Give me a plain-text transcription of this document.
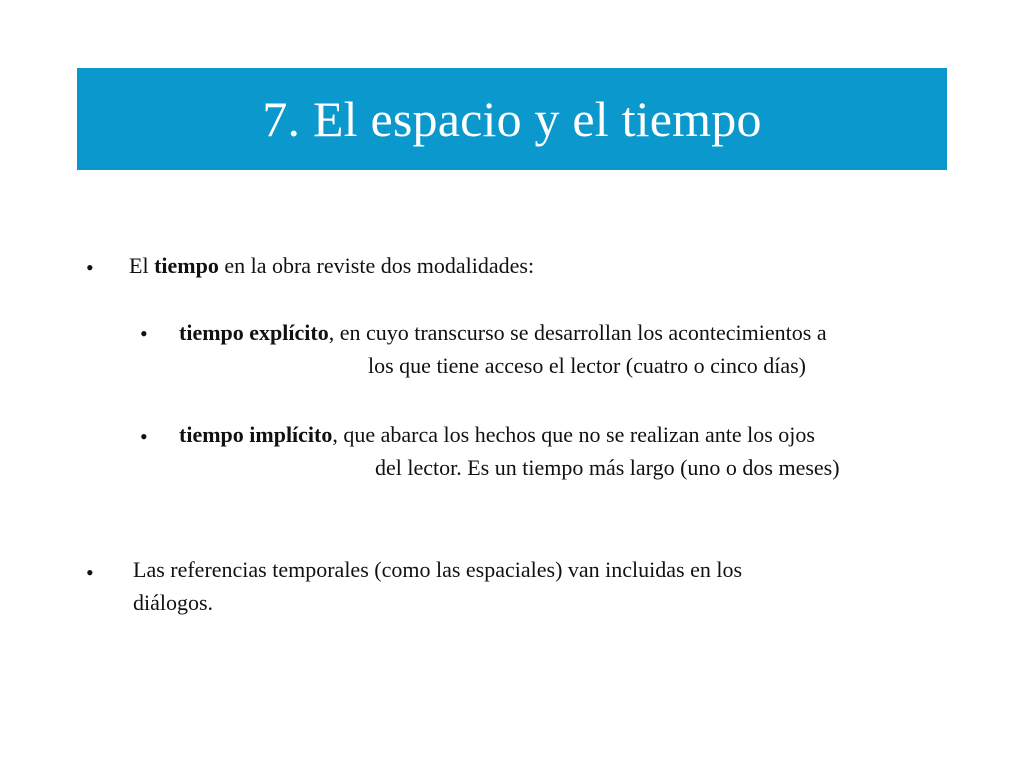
7. El espacio y el tiempo
• El tiempo en la obra reviste dos modalidades:
• tiempo explícito, en cuyo transcurso se desarrollan los acontecimientos a
los que tiene acceso el lector (cuatro o cinco días)
• tiempo implícito, que abarca los hechos que no se realizan ante los ojos
del lector. Es un tiempo más largo (uno o dos meses)
• Las referencias temporales (como las espaciales) van incluidas en los
diálogos.
